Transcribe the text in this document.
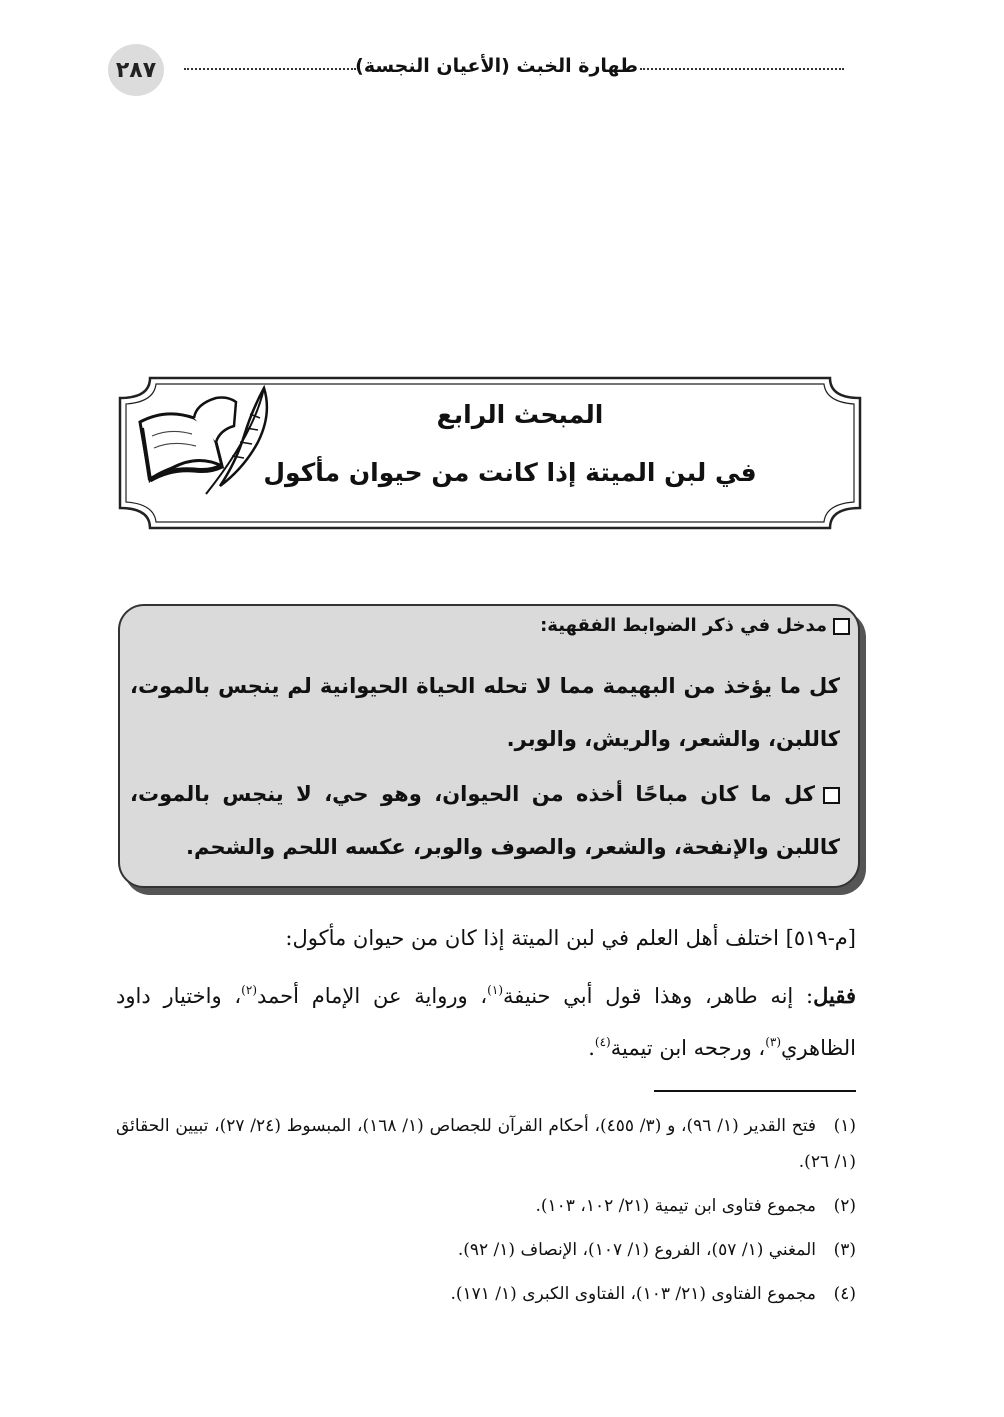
٢٨٧	طهارة الخبث (الأعيان النجسة)
المبحث الرابع
في لبن الميتة إذا كانت من حيوان مأكول
مدخل في ذكر الضوابط الفقهية:
كل ما يؤخذ من البهيمة مما لا تحله الحياة الحيوانية لم ينجس بالموت، كاللبن، والشعر، والريش، والوبر.
كل ما كان مباحًا أخذه من الحيوان، وهو حي، لا ينجس بالموت، كاللبن والإنفحة، والشعر، والصوف والوبر، عكسه اللحم والشحم.
[م-٥١٩] اختلف أهل العلم في لبن الميتة إذا كان من حيوان مأكول:
فقيل: إنه طاهر، وهذا قول أبي حنيفة$^{(١)}$، ورواية عن الإمام أحمد$^{(٢)}$، واختيار داود الظاهري$^{(٣)}$، ورجحه ابن تيمية$^{(٤)}$.
(١)فتح القدير (١/ ٩٦)، و (٣/ ٤٥٥)، أحكام القرآن للجصاص (١/ ١٦٨)، المبسوط (٢٤/ ٢٧)، تبيين الحقائق (١/ ٢٦).
(٢)مجموع فتاوى ابن تيمية (٢١/ ١٠٢، ١٠٣).
(٣)المغني (١/ ٥٧)، الفروع (١/ ١٠٧)، الإنصاف (١/ ٩٢).
(٤)مجموع الفتاوى (٢١/ ١٠٣)، الفتاوى الكبرى (١/ ١٧١).
